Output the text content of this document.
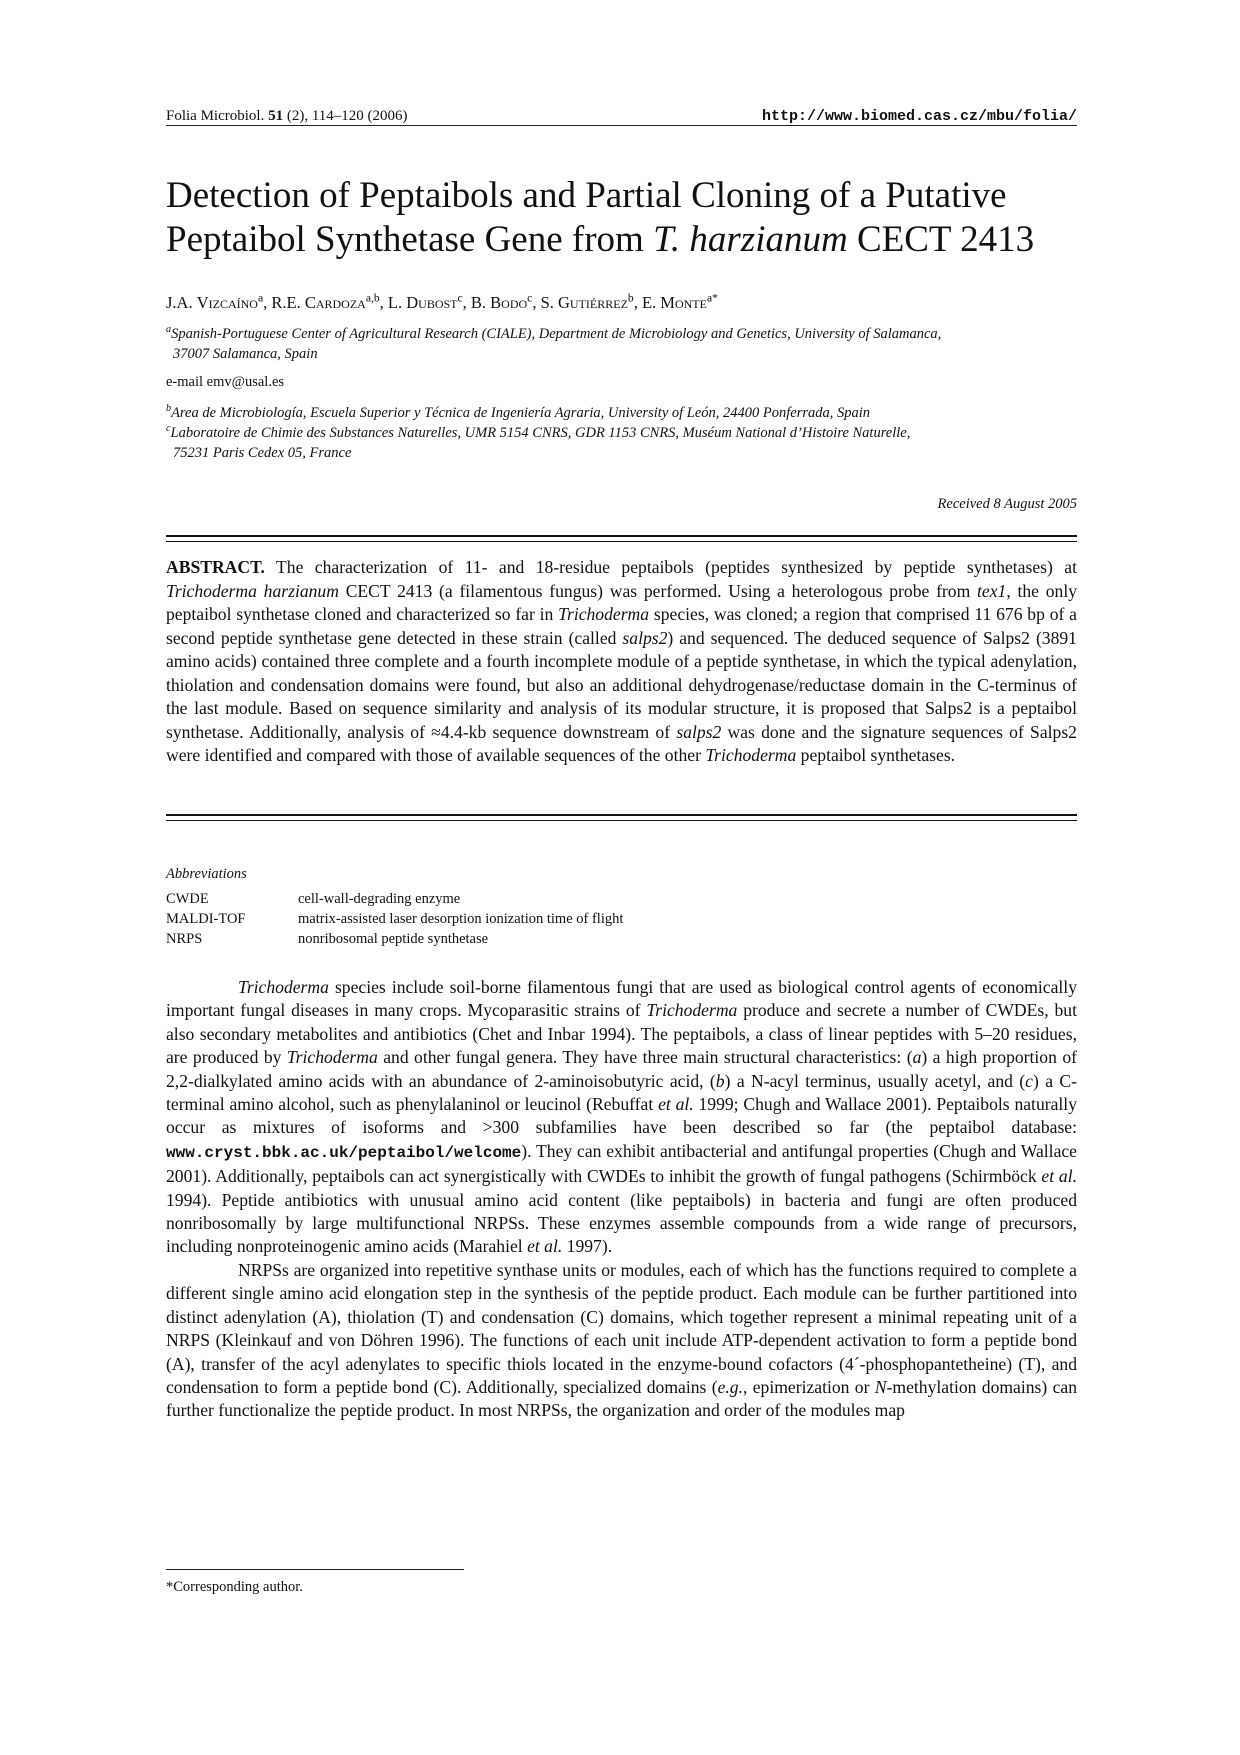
Folia Microbiol. 51 (2), 114–120 (2006)	http://www.biomed.cas.cz/mbu/folia/
Detection of Peptaibols and Partial Cloning of a Putative
Peptaibol Synthetase Gene from T. harzianum CECT 2413
J.A. Vizcaíno$^a$, R.E. Cardoza$^{a,b}$, L. Dubost$^c$, B. Bodo$^c$, S. Gutiérrez$^b$, E. Monte$^{a*}$
$^a$Spanish-Portuguese Center of Agricultural Research (CIALE), Department de Microbiology and Genetics, University of Salamanca,
37007 Salamanca, Spain
e-mail emv@usal.es
$^b$Area de Microbiología, Escuela Superior y Técnica de Ingeniería Agraria, University of León, 24400 Ponferrada, Spain
$^c$Laboratoire de Chimie des Substances Naturelles, UMR 5154 CNRS, GDR 1153 CNRS, Muséum National d’Histoire Naturelle,
75231 Paris Cedex 05, France
Received 8 August 2005

ABSTRACT. The characterization of 11- and 18-residue peptaibols (peptides synthesized by peptide synthetases) at Trichoderma harzianum CECT 2413 (a filamentous fungus) was performed. Using a heterologous probe from tex1, the only peptaibol synthetase cloned and characterized so far in Trichoderma species, was cloned; a region that comprised 11 676 bp of a second peptide synthetase gene detected in these strain (called salps2) and sequenced. The deduced sequence of Salps2 (3891 amino acids) contained three complete and a fourth incomplete module of a peptide synthetase, in which the typical adenylation, thiolation and condensation domains were found, but also an additional dehydrogenase/reductase domain in the C-terminus of the last module. Based on sequence similarity and analysis of its modular structure, it is proposed that Salps2 is a peptaibol synthetase. Additionally, analysis of ≈4.4-kb sequence downstream of salps2 was done and the signature sequences of Salps2 were identified and compared with those of available sequences of the other Trichoderma peptaibol synthetases.

Abbreviations
CWDE	cell-wall-degrading enzyme
MALDI-TOF	matrix-assisted laser desorption ionization time of flight
NRPS	nonribosomal peptide synthetase

Trichoderma species include soil-borne filamentous fungi that are used as biological control agents of economically important fungal diseases in many crops. Mycoparasitic strains of Trichoderma produce and secrete a number of CWDEs, but also secondary metabolites and antibiotics (Chet and Inbar 1994). The peptaibols, a class of linear peptides with 5–20 residues, are produced by Trichoderma and other fungal genera. They have three main structural characteristics: (a) a high proportion of 2,2-dialkylated amino acids with an abundance of 2-aminoisobutyric acid, (b) a N-acyl terminus, usually acetyl, and (c) a C-terminal amino alcohol, such as phenylalaninol or leucinol (Rebuffat et al. 1999; Chugh and Wallace 2001). Peptaibols naturally occur as mixtures of isoforms and >300 subfamilies have been described so far (the peptaibol database: www.cryst.bbk.ac.uk/peptaibol/welcome). They can exhibit antibacterial and antifungal properties (Chugh and Wallace 2001). Additionally, peptaibols can act synergistically with CWDEs to inhibit the growth of fungal pathogens (Schirmböck et al. 1994). Peptide antibiotics with unusual amino acid content (like peptaibols) in bacteria and fungi are often produced nonribosomally by large multifunctional NRPSs. These enzymes assemble compounds from a wide range of precursors, including nonproteinogenic amino acids (Marahiel et al. 1997).

NRPSs are organized into repetitive synthase units or modules, each of which has the functions required to complete a different single amino acid elongation step in the synthesis of the peptide product. Each module can be further partitioned into distinct adenylation (A), thiolation (T) and condensation (C) domains, which together represent a minimal repeating unit of a NRPS (Kleinkauf and von Döhren 1996). The functions of each unit include ATP-dependent activation to form a peptide bond (A), transfer of the acyl adenylates to specific thiols located in the enzyme-bound cofactors (4´-phosphopantetheine) (T), and condensation to form a peptide bond (C). Additionally, specialized domains (e.g., epimerization or N-methylation domains) can further functionalize the peptide product. In most NRPSs, the organization and order of the modules map

*Corresponding author.
